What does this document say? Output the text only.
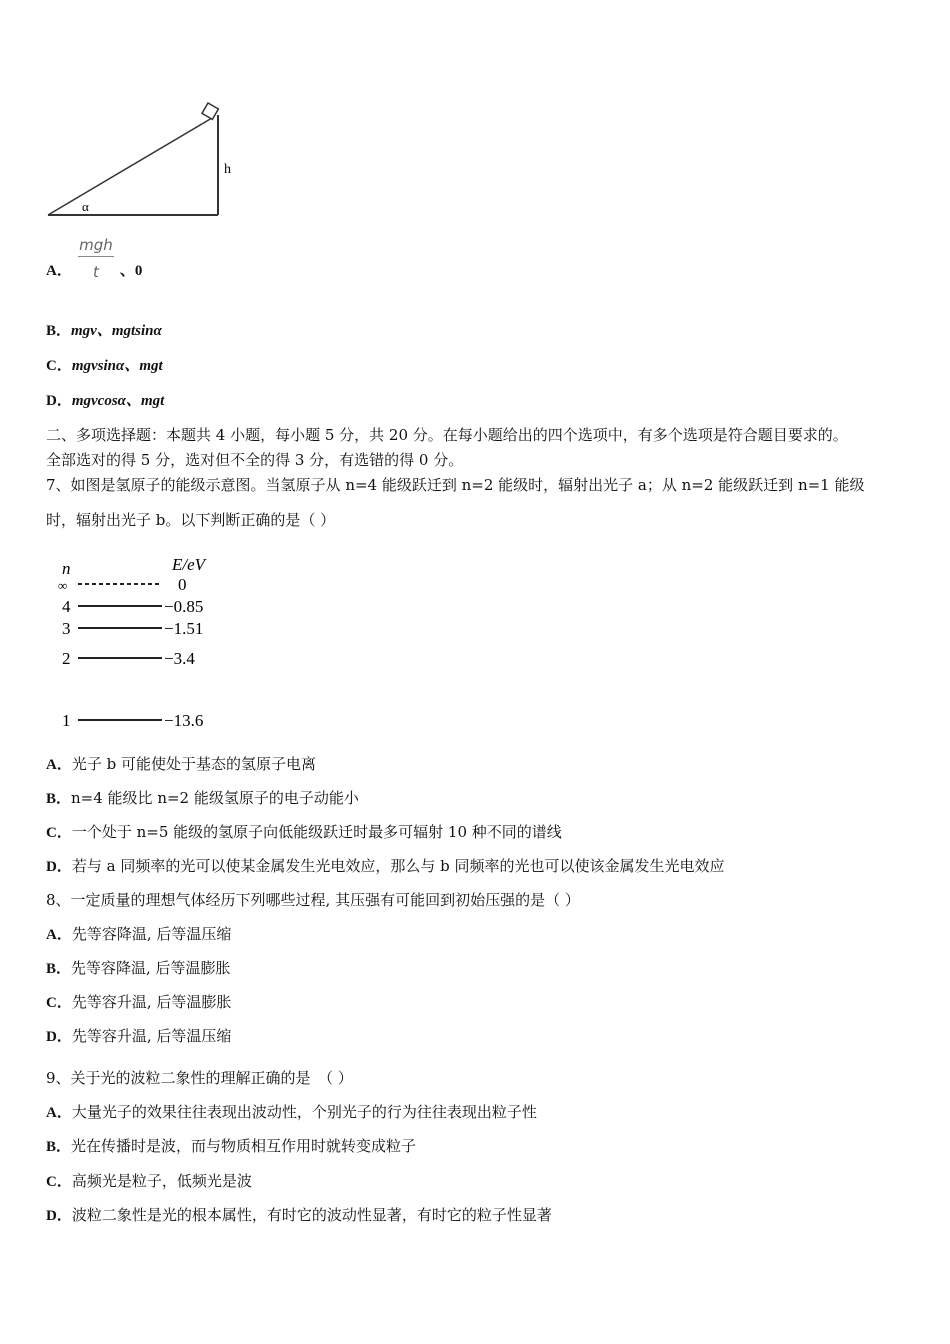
h
α
mgh
t
A．	、0
B．mgv、mgtsinα
C．mgvsinα、mgt
D．mgvcosα、mgt
二、多项选择题：本题共 4 小题，每小题 5 分，共 20 分。在每小题给出的四个选项中，有多个选项是符合题目要求的。
全部选对的得 5 分，选对但不全的得 3 分，有选错的得 0 分。
7、如图是氢原子的能级示意图。当氢原子从 n=4 能级跃迁到 n=2 能级时，辐射出光子 a；从 n=2 能级跃迁到 n=1 能级
时，辐射出光子 b。以下判断正确的是（ ）
n	E/eV
∞	0
4	−0.85
3	−1.51
2	−3.4
1	−13.6
A．光子 b 可能使处于基态的氢原子电离
B．n=4 能级比 n=2 能级氢原子的电子动能小
C．一个处于 n=5 能级的氢原子向低能级跃迁时最多可辐射 10 种不同的谱线
D．若与 a 同频率的光可以使某金属发生光电效应，那么与 b 同频率的光也可以使该金属发生光电效应
8、一定质量的理想气体经历下列哪些过程, 其压强有可能回到初始压强的是（ ）
A．先等容降温, 后等温压缩
B．先等容降温, 后等温膨胀
C．先等容升温, 后等温膨胀
D．先等容升温, 后等温压缩
9、关于光的波粒二象性的理解正确的是　（ ）
A．大量光子的效果往往表现出波动性，个别光子的行为往往表现出粒子性
B．光在传播时是波，而与物质相互作用时就转变成粒子
C．高频光是粒子，低频光是波
D．波粒二象性是光的根本属性，有时它的波动性显著，有时它的粒子性显著
